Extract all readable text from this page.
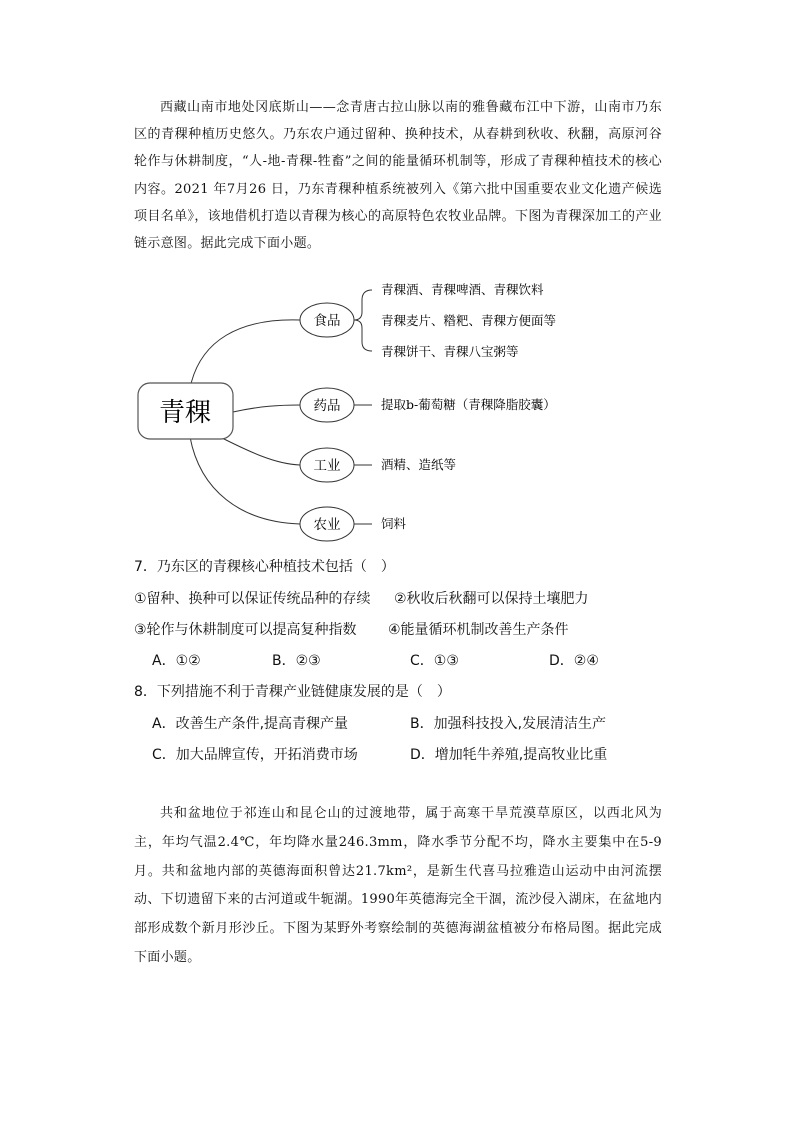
西藏山南市地处冈底斯山——念青唐古拉山脉以南的雅鲁藏布江中下游，山南市乃东区的青稞种植历史悠久。乃东农户通过留种、换种技术，从春耕到秋收、秋翻，高原河谷轮作与休耕制度，“人-地-青稞-牲畜”之间的能量循环机制等，形成了青稞种植技术的核心内容。2021 年7月26 日，乃东青稞种植系统被列入《第六批中国重要农业文化遗产候选项目名单》，该地借机打造以青稞为核心的高原特色农牧业品牌。下图为青稞深加工的产业链示意图。据此完成下面小题。
青稞
食品
药品
工业
农业
青稞酒、青稞啤酒、青稞饮料
青稞麦片、糌粑、青稞方便面等
青稞饼干、青稞八宝粥等
提取b-葡萄糖（青稞降脂胶囊）
酒精、造纸等
饲料
7．乃东区的青稞核心种植技术包括（　）
①留种、换种可以保证传统品种的存续 ②秋收后秋翻可以保持土壤肥力
③轮作与休耕制度可以提高复种指数 ④能量循环机制改善生产条件
A．①②	B．②③	C．①③	D．②④
8．下列措施不利于青稞产业链健康发展的是（　）
A．改善生产条件,提高青稞产量	B．加强科技投入,发展清洁生产
C．加大品牌宣传，开拓消费市场	D．增加牦牛养殖,提高牧业比重
共和盆地位于祁连山和昆仑山的过渡地带，属于高寒干旱荒漠草原区，以西北风为主，年均气温2.4℃，年均降水量246.3mm，降水季节分配不均，降水主要集中在5-9月。共和盆地内部的英德海面积曾达21.7km²，是新生代喜马拉雅造山运动中由河流摆动、下切遗留下来的古河道或牛轭湖。1990年英德海完全干涸，流沙侵入湖床，在盆地内部形成数个新月形沙丘。下图为某野外考察绘制的英德海湖盆植被分布格局图。据此完成下面小题。
